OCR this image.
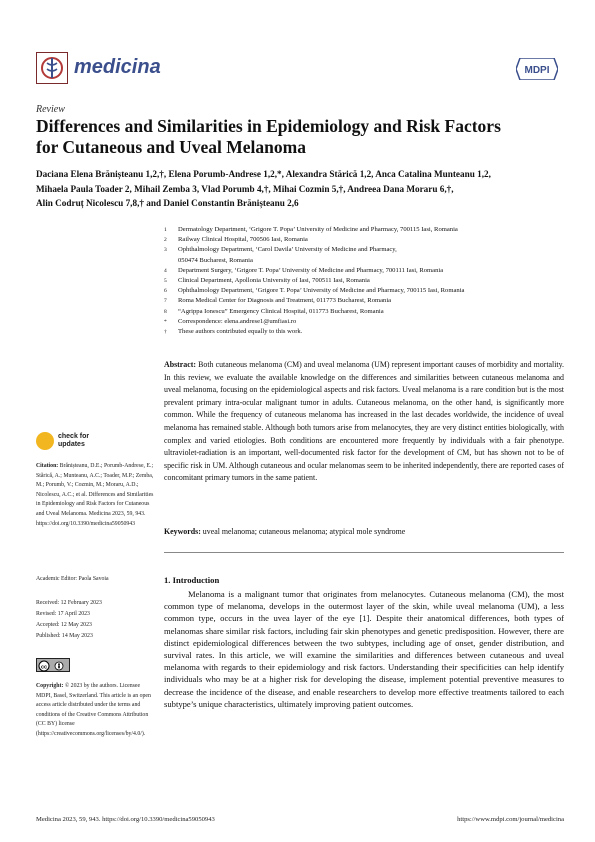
medicina	MDPI
Review
Differences and Similarities in Epidemiology and Risk Factors
for Cutaneous and Uveal Melanoma
Daciana Elena Brănișteanu 1,2,†, Elena Porumb-Andrese 1,2,*, Alexandra Stărică 1,2, Anca Catalina Munteanu 1,2,
Mihaela Paula Toader 2, Mihail Zemba 3, Vlad Porumb 4,†, Mihai Cozmin 5,†, Andreea Dana Moraru 6,†,
Alin Codruț Nicolescu 7,8,† and Daniel Constantin Brănișteanu 2,6
1	Dermatology Department, ‘Grigore T. Popa’ University of Medicine and Pharmacy, 700115 Iasi, Romania
2	Railway Clinical Hospital, 700506 Iasi, Romania
3	Ophthalmology Department, ‘Carol Davila’ University of Medicine and Pharmacy,
050474 Bucharest, Romania
4	Department Surgery, ‘Grigore T. Popa’ University of Medicine and Pharmacy, 700111 Iasi, Romania
5	Clinical Department, Apollonia University of Iasi, 700511 Iasi, Romania
6	Ophthalmology Department, ‘Grigore T. Popa’ University of Medicine and Pharmacy, 700115 Iasi, Romania
7	Roma Medical Center for Diagnosis and Treatment, 011773 Bucharest, Romania
8	“Agrippa Ionescu” Emergency Clinical Hospital, 011773 Bucharest, Romania
*	Correspondence: elena.andrese1@umfiasi.ro
†	These authors contributed equally to this work.

Abstract: Both cutaneous melanoma (CM) and uveal melanoma (UM) represent important causes of morbidity and mortality. In this review, we evaluate the available knowledge on the differences and similarities between cutaneous melanoma and uveal melanoma, focusing on the epidemiological aspects and risk factors. Uveal melanoma is a rare condition but is the most prevalent primary intra-ocular malignant tumor in adults. Cutaneous melanoma, on the other hand, is significantly more common. While the frequency of cutaneous melanoma has increased in the last decades worldwide, the incidence of uveal melanoma has remained stable. Although both tumors arise from melanocytes, they are very distinct entities biologically, with complex and varied etiologies. Both conditions are encountered more frequently by individuals with a fair phenotype. ultraviolet-radiation is an important, well-documented risk factor for the development of CM, but has shown not to be of specific risk in UM. Although cutaneous and ocular melanomas seem to be inherited independently, there are reported cases of concomitant primary tumors in the same patient.

Keywords: uveal melanoma; cutaneous melanoma; atypical mole syndrome

1. Introduction

Melanoma is a malignant tumor that originates from melanocytes. Cutaneous melanoma (CM), the most common type of melanoma, develops in the outermost layer of the skin, while uveal melanoma (UM), a less common type, occurs in the uvea layer of the eye [1]. Despite their anatomical differences, both types of melanomas share similar risk factors, including fair skin phenotypes and genetic predisposition. However, there are distinct epidemiological differences between the two subtypes, including age of onset, gender distribution, and survival rates. In this article, we will examine the similarities and differences between cutaneous and uveal melanoma with regards to their epidemiology and risk factors. Understanding their specificities can help identify individuals who may be at a higher risk for developing the disease, implement potential preventive measures to decrease the incidence of the disease, and enable researchers to develop more effective treatments tailored to each subtype’s unique characteristics, ultimately improving patient outcomes.

check for
updates

Citation: Brănișteanu, D.E.; Porumb-Andrese, E.; Stărică, A.; Munteanu, A.C.; Toader, M.P.; Zemba, M.; Porumb, V.; Cozmin, M.; Moraru, A.D.; Nicolescu, A.C.; et al. Differences and Similarities in Epidemiology and Risk Factors for Cutaneous and Uveal Melanoma. Medicina 2023, 59, 943. https://doi.org/10.3390/medicina59050943

Academic Editor: Paola Savoia

Received: 12 February 2023

Revised: 17 April 2023

Accepted: 12 May 2023

Published: 14 May 2023

cc

Copyright: © 2023 by the authors. Licensee MDPI, Basel, Switzerland. This article is an open access article distributed under the terms and conditions of the Creative Commons Attribution (CC BY) license (https://creativecommons.org/licenses/by/4.0/).

Medicina 2023, 59, 943. https://doi.org/10.3390/medicina59050943	https://www.mdpi.com/journal/medicina
